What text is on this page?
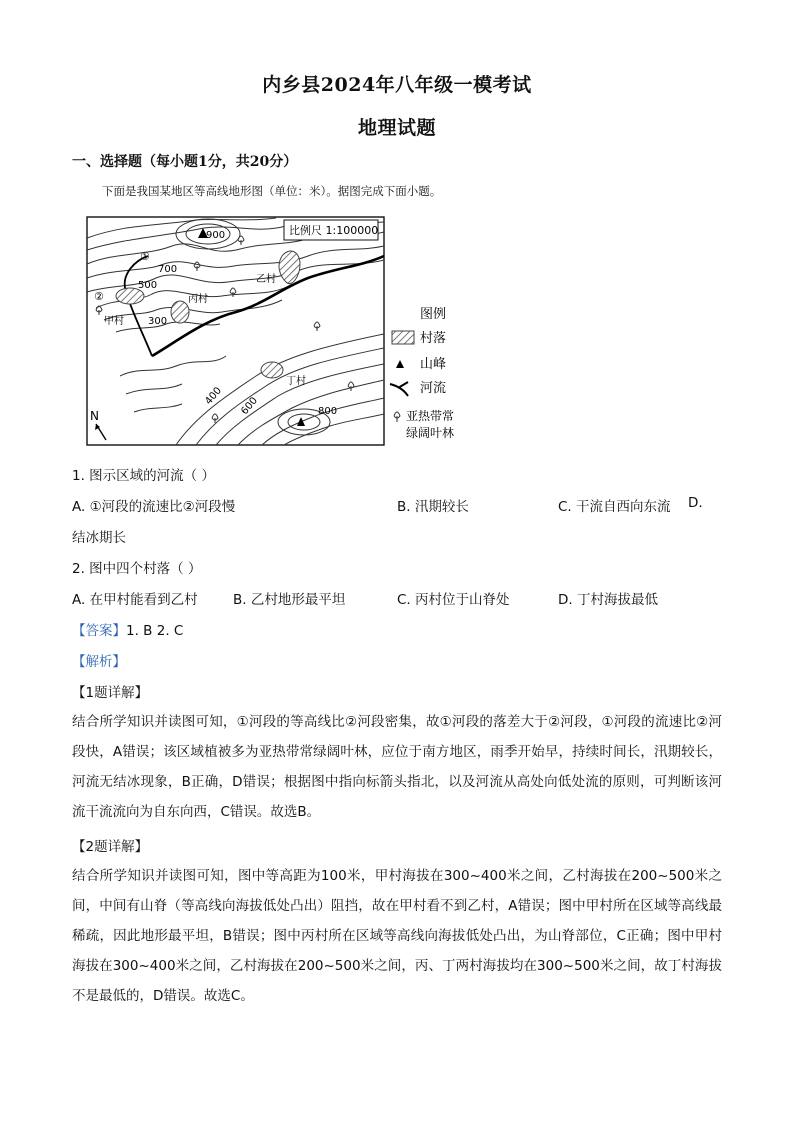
内乡县2024年八年级一模考试
地理试题
一、选择题（每小题1分，共20分）
下面是我国某地区等高线地形图（单位：米）。据图完成下面小题。
比例尺 1:100000
900
700
500
300
400 600	800
①
②
甲村
丙村
乙村
丁村
N
图例
村落
山峰
河流
亚热带常
绿阔叶林
1. 图示区域的河流（ ）
A. ①河段的流速比②河段慢	B. 汛期较长	C. 干流自西向东流 D.
结冰期长
2. 图中四个村落（ ）
A. 在甲村能看到乙村	B. 乙村地形最平坦	C. 丙村位于山脊处	D. 丁村海拔最低
【答案】1. B 2. C
【解析】
【1题详解】
结合所学知识并读图可知，①河段的等高线比②河段密集，故①河段的落差大于②河段，①河段的流速比②河段快，A错误；该区域植被多为亚热带常绿阔叶林，应位于南方地区，雨季开始早，持续时间长，汛期较长，河流无结冰现象，B正确，D错误；根据图中指向标箭头指北，以及河流从高处向低处流的原则，可判断该河流干流流向为自东向西，C错误。故选B。
【2题详解】
结合所学知识并读图可知，图中等高距为100米，甲村海拔在300~400米之间，乙村海拔在200~500米之间，中间有山脊（等高线向海拔低处凸出）阻挡，故在甲村看不到乙村，A错误；图中甲村所在区域等高线最稀疏，因此地形最平坦，B错误；图中丙村所在区域等高线向海拔低处凸出，为山脊部位，C正确；图中甲村海拔在300~400米之间，乙村海拔在200~500米之间，丙、丁两村海拔均在300~500米之间，故丁村海拔不是最低的，D错误。故选C。
